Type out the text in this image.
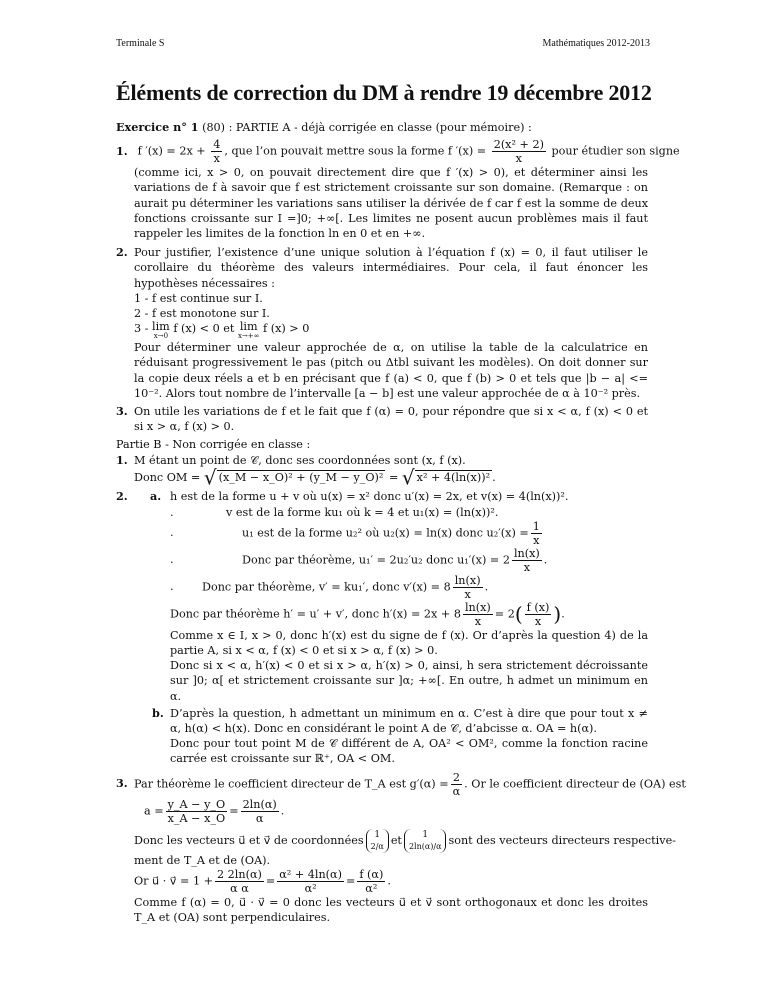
Terminale S	Mathématiques 2012-2013
Éléments de correction du DM à rendre 19 décembre 2012
Exercice n° 1 (80) : PARTIE A - déjà corrigée en classe (pour mémoire) :
1. f $'(x) = 2x + \frac{4}{x}$ , que l’on pouvait mettre sous la forme f $'(x) = \frac{\text{2(x² + 2)}}{x}$ pour étudier son signe
(comme ici, x > 0, on pouvait directement dire que f ′(x) > 0), et déterminer ainsi les variations de f à savoir que f est strictement croissante sur son domaine. (Remarque : on aurait pu déterminer les variations sans utiliser la dérivée de f car f est la somme de deux fonctions croissante sur I =]0; +∞[. Les limites ne posent aucun problèmes mais il faut rappeler les limites de la fonction ln en 0 et en +∞.
2. Pour justifier, l’existence d’une unique solution à l’équation f (x) = 0, il faut utiliser le corollaire du théorème des valeurs intermédiaires. Pour cela, il faut énoncer les hypothèses nécessaires :
1 - f est continue sur I.
2 - f est monotone sur I.
3 - lim
x→0
f (x) < 0 et lim
x→+∞
f (x) > 0
Pour déterminer une valeur approchée de α, on utilise la table de la calculatrice en réduisant progressivement le pas (pitch ou Δtbl suivant les modèles). On doit donner sur la copie deux réels a et b en précisant que f (a) < 0, que f (b) > 0 et tels que |b − a| <= 10⁻². Alors tout nombre de l’intervalle [a − b] est une valeur approchée de α à 10⁻² près.
3. On utile les variations de f et le fait que f (α) = 0, pour répondre que si x < α, f (x) < 0 et si x > α, f (x) > 0.
Partie B - Non corrigée en classe :
1. M étant un point de 𝒞, donc ses coordonnées sont (x, f (x).
Donc OM = √ (x_M − x_O)² + (y_M − y_O)² = √ x² + 4(ln(x))² .
2. a. h est de la forme u + v où u(x) = x² donc u′(x) = 2x, et v(x) = 4(ln(x))².
.	v est de la forme ku₁ où k = 4 et u₁(x) = (ln(x))².
.	u₁ est de la forme u₂² où u₂(x) = ln(x) donc $u_2'(x) = \frac{1}{x}$
.	Donc par théorème, u₁′ = 2u₂′u₂ donc $u_1'(x) = 2 \frac{\ln(x)}{x}$ .
.	Donc par théorème, v′ = ku₁′, donc $v'(x) = 8 \frac{\ln(x)}{x}$ .
Donc par théorème h′ = u′ + v′, donc $h'(x) = 2x + 8 \frac{\ln(x)}{x} = 2( \frac{f (x)}{x}$ ).
Comme x ∈ I, x > 0, donc h′(x) est du signe de f (x). Or d’après la question 4) de la partie A, si x < α, f (x) < 0 et si x > α, f (x) > 0.
Donc si x < α, h′(x) < 0 et si x > α, h′(x) > 0, ainsi, h sera strictement décroissante sur ]0; α[ et strictement croissante sur ]α; +∞[. En outre, h admet un minimum en α.
b. D’après la question, h admettant un minimum en α. C’est à dire que pour tout x ≠ α, h(α) < h(x). Donc en considérant le point A de 𝒞, d’abcisse α. OA = h(α).
Donc pour tout point M de 𝒞 différent de A, OA² < OM², comme la fonction racine carrée est croissante sur ℝ⁺, OA < OM.
3. Par théorème le coefficient directeur de T_A est $g'(\alpha) = \frac{2}{\alpha}$ . Or le coefficient directeur de (OA) est
$a = \frac{y\_A - y\_O}{x\_A - x\_O} = \frac{2\ln(\alpha)}{\alpha}$ .
Donc les vecteurs u⃗ et v⃗ de coordonnées	1
2/α et	1
2ln(α)/α sont des vecteurs directeurs respective-
ment de T_A et de (OA).
Or u⃗ · v⃗ = $1 + \frac{2 2\ln(\alpha)}{\text{α α}} = \frac{\text{α² + 4ln(α)}}{\text{α²}} = \frac{f (\alpha)}{\text{α²}}$ .
Comme f (α) = 0, u⃗ · v⃗ = 0 donc les vecteurs u⃗ et v⃗ sont orthogonaux et donc les droites T_A et (OA) sont perpendiculaires.
